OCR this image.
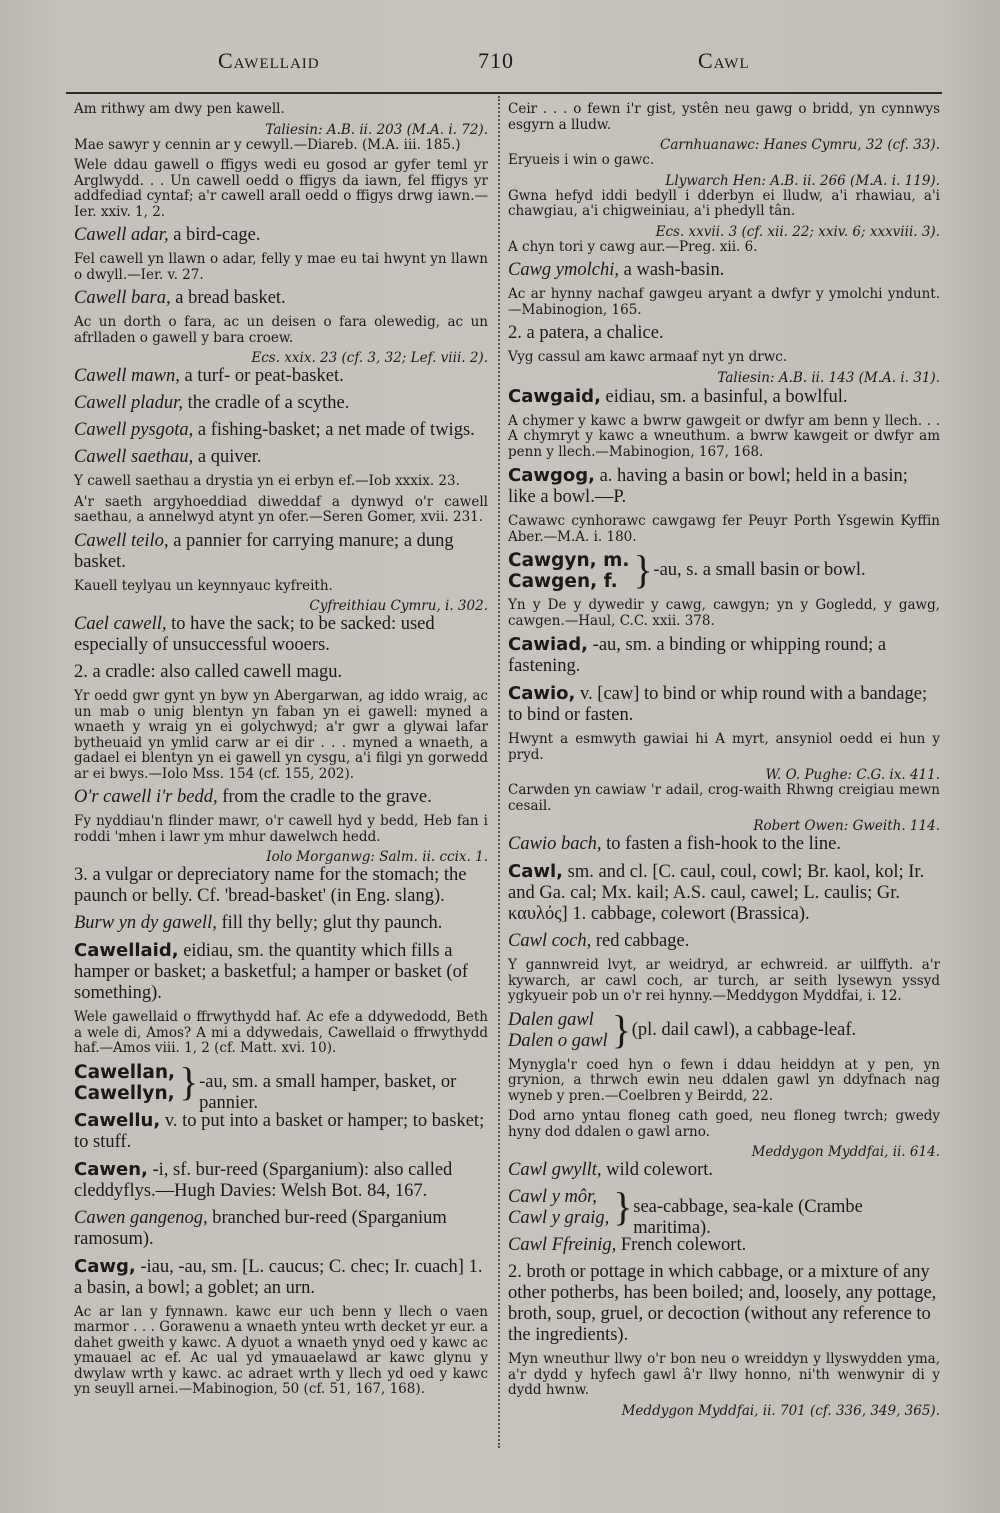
Cawellaid	710	Cawl

Am rithwy am dwy pen kawell.

Taliesin: A.B. ii. 203 (M.A. i. 72).

Mae sawyr y cennin ar y cewyll.—Diareb. (M.A. iii. 185.)

Wele ddau gawell o ffigys wedi eu gosod ar gyfer teml yr Arglwydd. . . Un cawell oedd o ffigys da iawn, fel ffigys yr addfediad cyntaf; a'r cawell arall oedd o ffigys drwg iawn.—Ier. xxiv. 1, 2.

Cawell adar, a bird-cage.

Fel cawell yn llawn o adar, felly y mae eu tai hwynt yn llawn o dwyll.—Ier. v. 27.

Cawell bara, a bread basket.

Ac un dorth o fara, ac un deisen o fara olewedig, ac un afrlladen o gawell y bara croew.

Ecs. xxix. 23 (cf. 3, 32; Lef. viii. 2).

Cawell mawn, a turf- or peat-basket.

Cawell pladur, the cradle of a scythe.

Cawell pysgota, a fishing-basket; a net made of twigs.

Cawell saethau, a quiver.

Y cawell saethau a drystia yn ei erbyn ef.—Iob xxxix. 23.

A'r saeth argyhoeddiad diweddaf a dynwyd o'r cawell saethau, a annelwyd atynt yn ofer.—Seren Gomer, xvii. 231.

Cawell teilo, a pannier for carrying manure; a dung basket.

Kauell teylyau un keynnyauc kyfreith.

Cyfreithiau Cymru, i. 302.

Cael cawell, to have the sack; to be sacked: used especially of unsuccessful wooers.

2. a cradle: also called cawell magu.

Yr oedd gwr gynt yn byw yn Abergarwan, ag iddo wraig, ac un mab o unig blentyn yn faban yn ei gawell: myned a wnaeth y wraig yn ei golychwyd; a'r gwr a glywai lafar bytheuaid yn ymlid carw ar ei dir . . . myned a wnaeth, a gadael ei blentyn yn ei gawell yn cysgu, a'i filgi yn gorwedd ar ei bwys.—Iolo Mss. 154 (cf. 155, 202).

O'r cawell i'r bedd, from the cradle to the grave.

Fy nyddiau'n flinder mawr, o'r cawell hyd y bedd, Heb fan i roddi 'mhen i lawr ym mhur dawelwch hedd.

Iolo Morganwg: Salm. ii. ccix. 1.

3. a vulgar or depreciatory name for the stomach; the paunch or belly. Cf. 'bread-basket' (in Eng. slang).

Burw yn dy gawell, fill thy belly; glut thy paunch.

Cawellaid, eidiau, sm. the quantity which fills a hamper or basket; a basketful; a hamper or basket (of something).

Wele gawellaid o ffrwythydd haf. Ac efe a ddywedodd, Beth a wele di, Amos? A mi a ddywedais, Cawellaid o ffrwythydd haf.—Amos viii. 1, 2 (cf. Matt. xvi. 10).

Cawellan,
Cawellyn, } -au, sm. a small hamper, basket, or pannier.

Cawellu, v. to put into a basket or hamper; to basket; to stuff.

Cawen, -i, sf. bur-reed (Sparganium): also called cleddyflys.—Hugh Davies: Welsh Bot. 84, 167.

Cawen gangenog, branched bur-reed (Sparganium ramosum).

Cawg, -iau, -au, sm. [L. caucus; C. chec; Ir. cuach] 1. a basin, a bowl; a goblet; an urn.

Ac ar lan y fynnawn. kawc eur uch benn y llech o vaen marmor . . . Gorawenu a wnaeth ynteu wrth decket yr eur. a dahet gweith y kawc. A dyuot a wnaeth ynyd oed y kawc ac ymauael ac ef. Ac ual yd ymauaelawd ar kawc glynu y dwylaw wrth y kawc. ac adraet wrth y llech yd oed y kawc yn seuyll arnei.—Mabinogion, 50 (cf. 51, 167, 168).

Ceir . . . o fewn i'r gist, ystên neu gawg o bridd, yn cynnwys esgyrn a lludw.

Carnhuanawc: Hanes Cymru, 32 (cf. 33).

Eryueis i win o gawc.

Llywarch Hen: A.B. ii. 266 (M.A. i. 119).

Gwna hefyd iddi bedyll i dderbyn ei lludw, a'i rhawiau, a'i chawgiau, a'i chigweiniau, a'i phedyll tân.

Ecs. xxvii. 3 (cf. xii. 22; xxiv. 6; xxxviii. 3).

A chyn tori y cawg aur.—Preg. xii. 6.

Cawg ymolchi, a wash-basin.

Ac ar hynny nachaf gawgeu aryant a dwfyr y ymolchi yndunt.—Mabinogion, 165.

2. a patera, a chalice.

Vyg cassul am kawc armaaf nyt yn drwc.

Taliesin: A.B. ii. 143 (M.A. i. 31).

Cawgaid, eidiau, sm. a basinful, a bowlful.

A chymer y kawc a bwrw gawgeit or dwfyr am benn y llech. . . A chymryt y kawc a wneuthum. a bwrw kawgeit or dwfyr am penn y llech.—Mabinogion, 167, 168.

Cawgog, a. having a basin or bowl; held in a basin; like a bowl.—P.

Cawawc cynhorawc cawgawg fer Peuyr Porth Ysgewin Kyffin Aber.—M.A. i. 180.

Cawgyn, m.
Cawgen, f. } -au, s. a small basin or bowl.

Yn y De y dywedir y cawg, cawgyn; yn y Gogledd, y gawg, cawgen.—Haul, C.C. xxii. 378.

Cawiad, -au, sm. a binding or whipping round; a fastening.

Cawio, v. [caw] to bind or whip round with a bandage; to bind or fasten.

Hwynt a esmwyth gawiai hi A myrt, ansyniol oedd ei hun y pryd.

W. O. Pughe: C.G. ix. 411.

Carwden yn cawiaw 'r adail, crog-waith Rhwng creigiau mewn cesail.

Robert Owen: Gweith. 114.

Cawio bach, to fasten a fish-hook to the line.

Cawl, sm. and cl. [C. caul, coul, cowl; Br. kaol, kol; Ir. and Ga. cal; Mx. kail; A.S. caul, cawel; L. caulis; Gr. καυλός] 1. cabbage, colewort (Brassica).

Cawl coch, red cabbage.

Y gannwreid lvyt, ar weidryd, ar echwreid. ar uilffyth. a'r kywarch, ar cawl coch, ar turch, ar seith lysewyn yssyd ygkyueir pob un o'r rei hynny.—Meddygon Myddfai, i. 12.

Dalen gawl
Dalen o gawl } (pl. dail cawl), a cabbage-leaf.

Mynygla'r coed hyn o fewn i ddau heiddyn at y pen, yn grynion, a thrwch ewin neu ddalen gawl yn ddyfnach nag wyneb y pren.—Coelbren y Beirdd, 22.

Dod arno yntau floneg cath goed, neu floneg twrch; gwedy hyny dod ddalen o gawl arno.

Meddygon Myddfai, ii. 614.

Cawl gwyllt, wild colewort.

Cawl y môr,
Cawl y graig, } sea-cabbage, sea-kale (Crambe maritima).

Cawl Ffreinig, French colewort.

2. broth or pottage in which cabbage, or a mixture of any other potherbs, has been boiled; and, loosely, any pottage, broth, soup, gruel, or decoction (without any reference to the ingredients).

Myn wneuthur llwy o'r bon neu o wreiddyn y llyswydden yma, a'r dydd y hyfech gawl â'r llwy honno, ni'th wenwynir di y dydd hwnw.

Meddygon Myddfai, ii. 701 (cf. 336, 349, 365).
